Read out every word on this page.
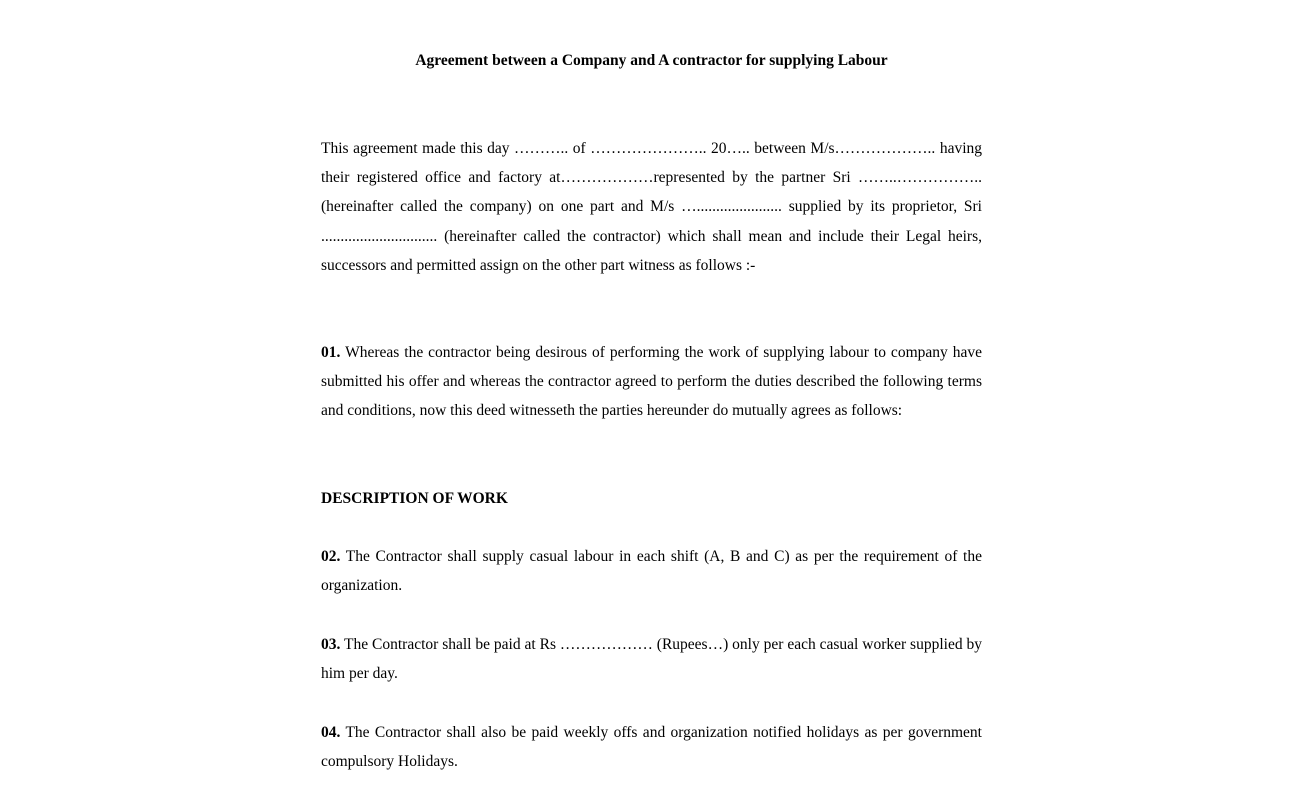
Agreement between a Company and A contractor for supplying Labour

This agreement made this day ……….. of ………………….. 20….. between M/s……………….. having their registered office and factory at………………represented by the partner Sri ……..…………….. (hereinafter called the company) on one part and M/s …...................... supplied by its proprietor, Sri .............................. (hereinafter called the contractor) which shall mean and include their Legal heirs, successors and permitted assign on the other part witness as follows :-

01. Whereas the contractor being desirous of performing the work of supplying labour to company have submitted his offer and whereas the contractor agreed to perform the duties described the following terms and conditions, now this deed witnesseth the parties hereunder do mutually agrees as follows:

DESCRIPTION OF WORK

02. The Contractor shall supply casual labour in each shift (A, B and C) as per the requirement of the organization.

03. The Contractor shall be paid at Rs ……………… (Rupees…) only per each casual worker supplied by him per day.

04. The Contractor shall also be paid weekly offs and organization notified holidays as per government compulsory Holidays.
